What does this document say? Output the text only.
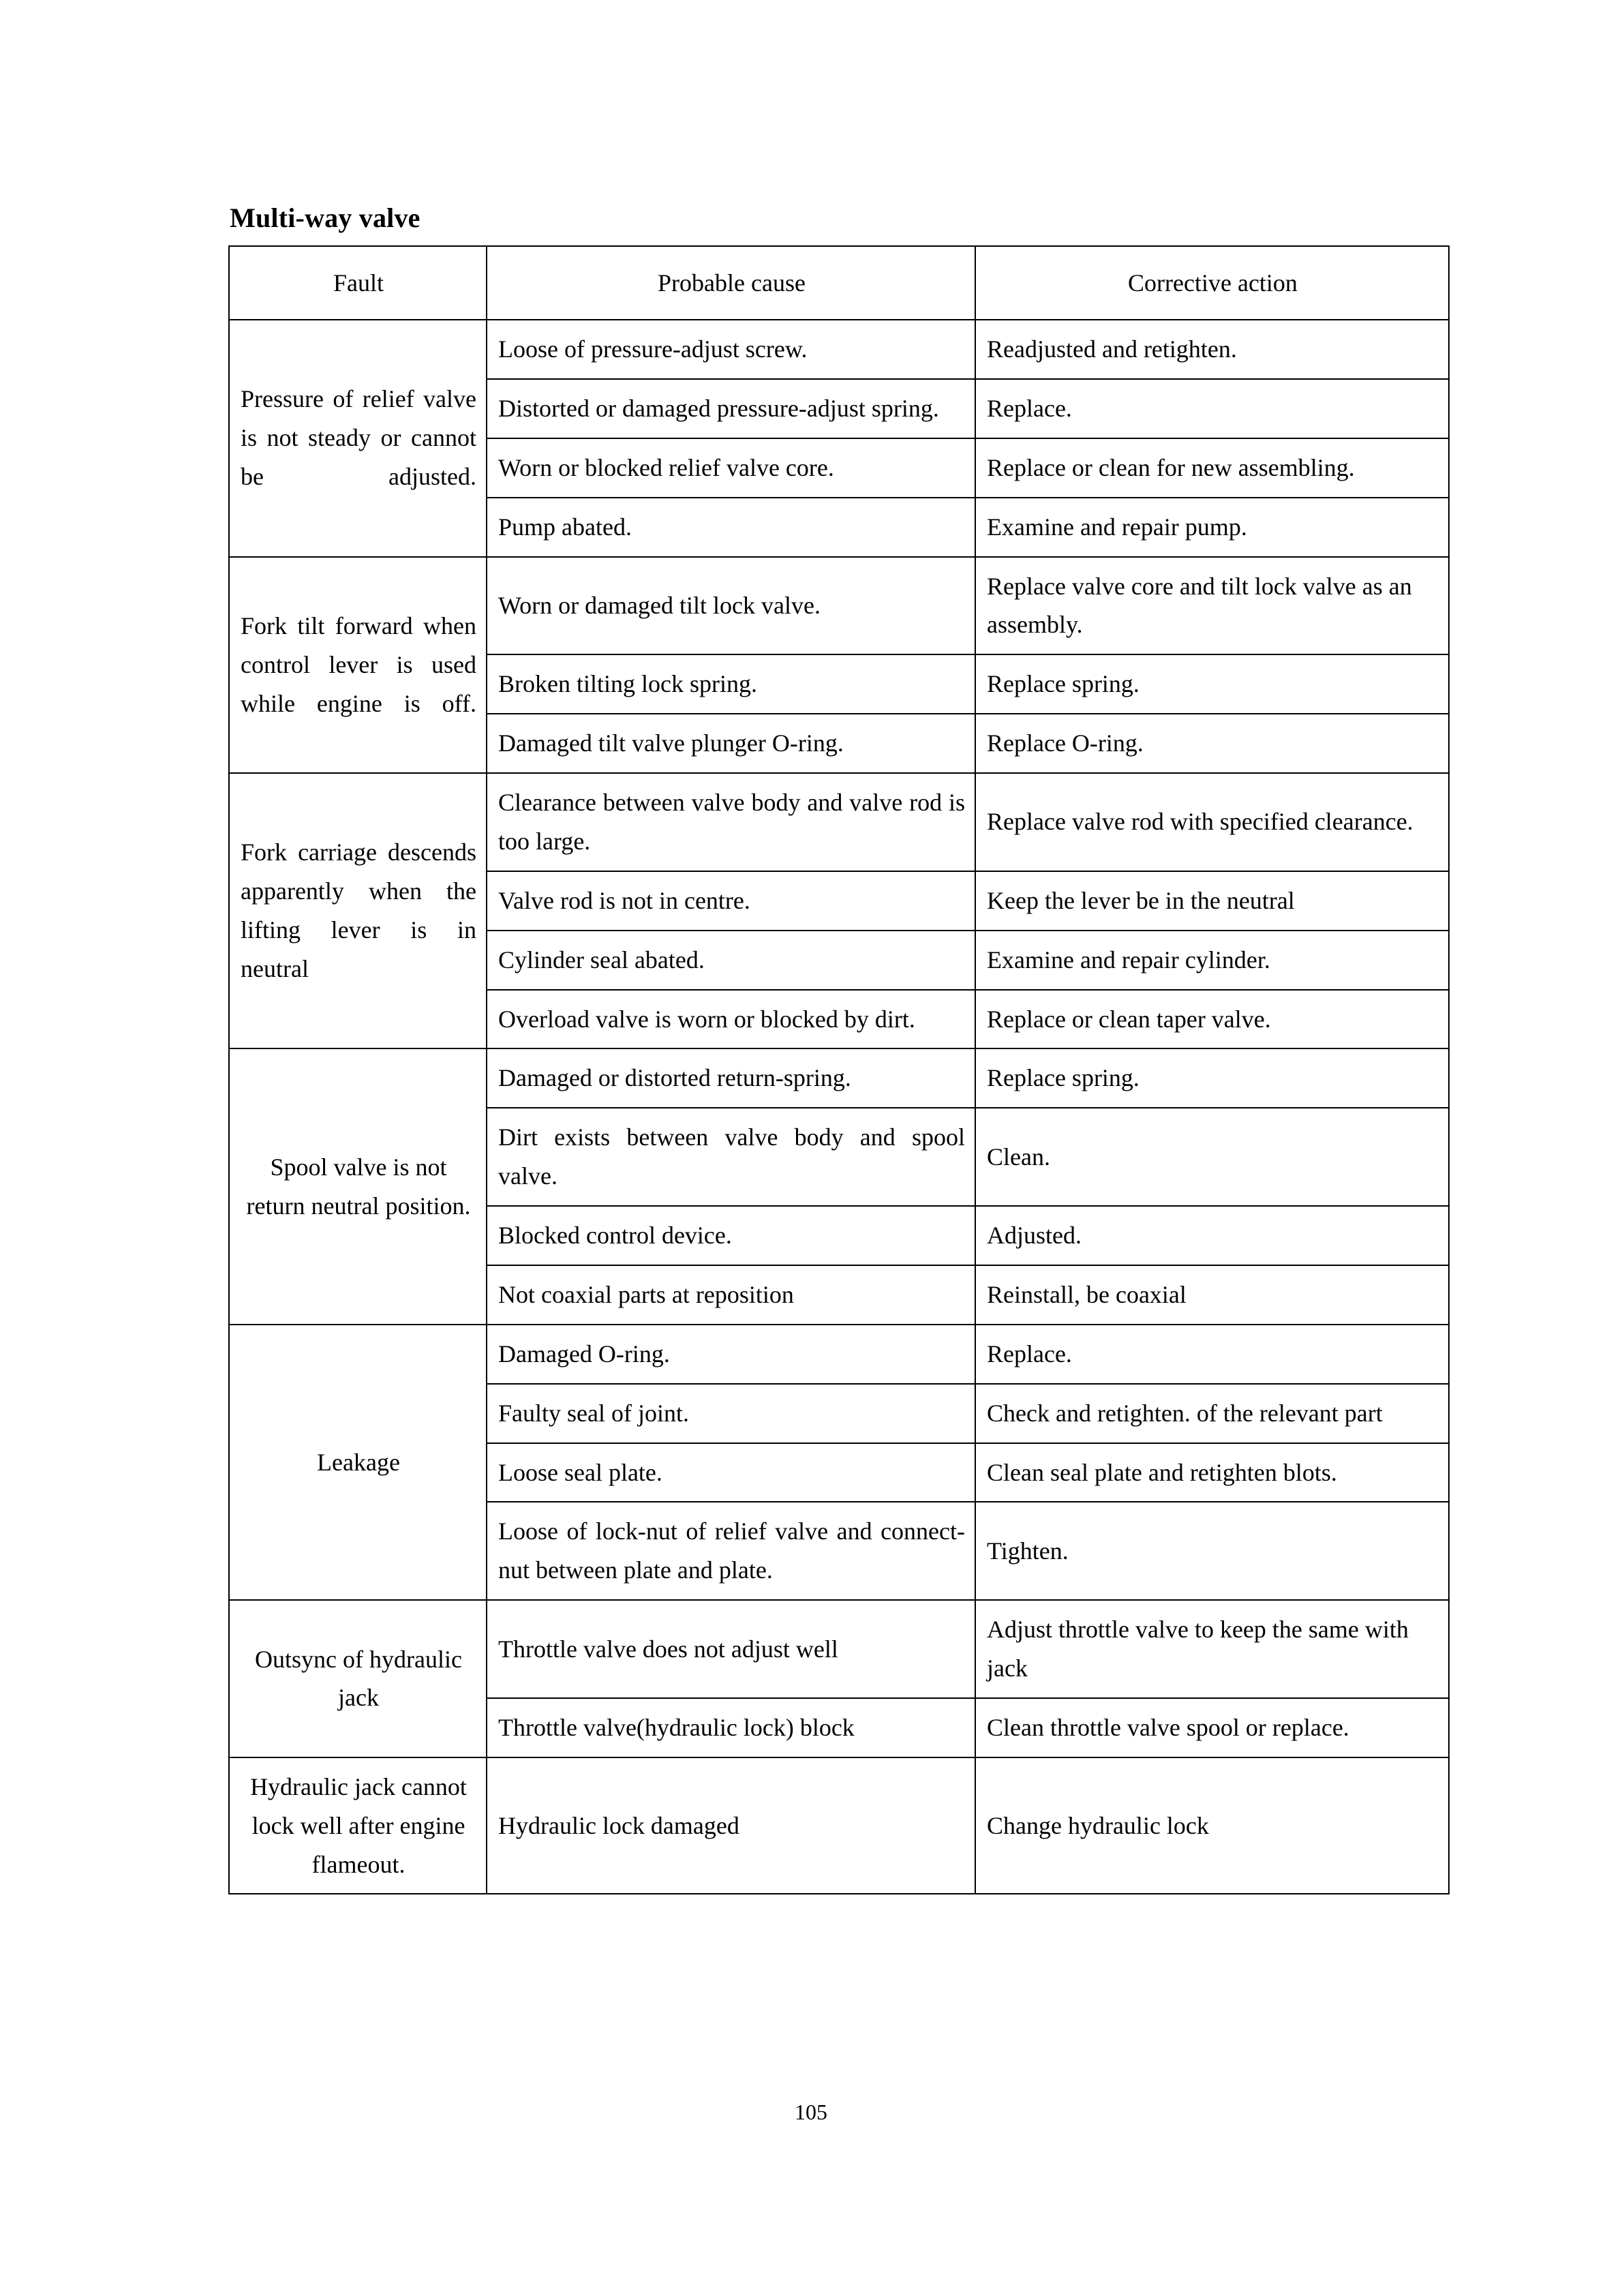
Multi-way valve
Fault	Probable cause	Corrective action
Pressure of relief valve is not steady or cannot be adjusted.	Loose of pressure-adjust screw.	Readjusted and retighten.
	Distorted or damaged pressure-adjust spring.	Replace.
	Worn or blocked relief valve core.	Replace or clean for new assembling.
	Pump abated.	Examine and repair pump.
Fork tilt forward when control lever is used while engine is off.	Worn or damaged tilt lock valve.	Replace valve core and tilt lock valve as an assembly.
	Broken tilting lock spring.	Replace spring.
	Damaged tilt valve plunger O-ring.	Replace O-ring.
Fork carriage descends apparently when the lifting lever is in neutral	Clearance between valve body and valve rod is too large.	Replace valve rod with specified clearance.
	Valve rod is not in centre.	Keep the lever be in the neutral
	Cylinder seal abated.	Examine and repair cylinder.
	Overload valve is worn or blocked by dirt.	Replace or clean taper valve.
Spool valve is not return neutral position.	Damaged or distorted return-spring.	Replace spring.
	Dirt exists between valve body and spool valve.	Clean.
	Blocked control device.	Adjusted.
	Not coaxial parts at reposition	Reinstall, be coaxial
Leakage	Damaged O-ring.	Replace.
	Faulty seal of joint.	Check and retighten. of the relevant part
	Loose seal plate.	Clean seal plate and retighten blots.
	Loose of lock-nut of relief valve and connect-nut between plate and plate.	Tighten.
Outsync of hydraulic jack	Throttle valve does not adjust well	Adjust throttle valve to keep the same with jack
	Throttle valve(hydraulic lock) block	Clean throttle valve spool or replace.
Hydraulic jack cannot lock well after engine flameout.	Hydraulic lock damaged	Change hydraulic lock
105
